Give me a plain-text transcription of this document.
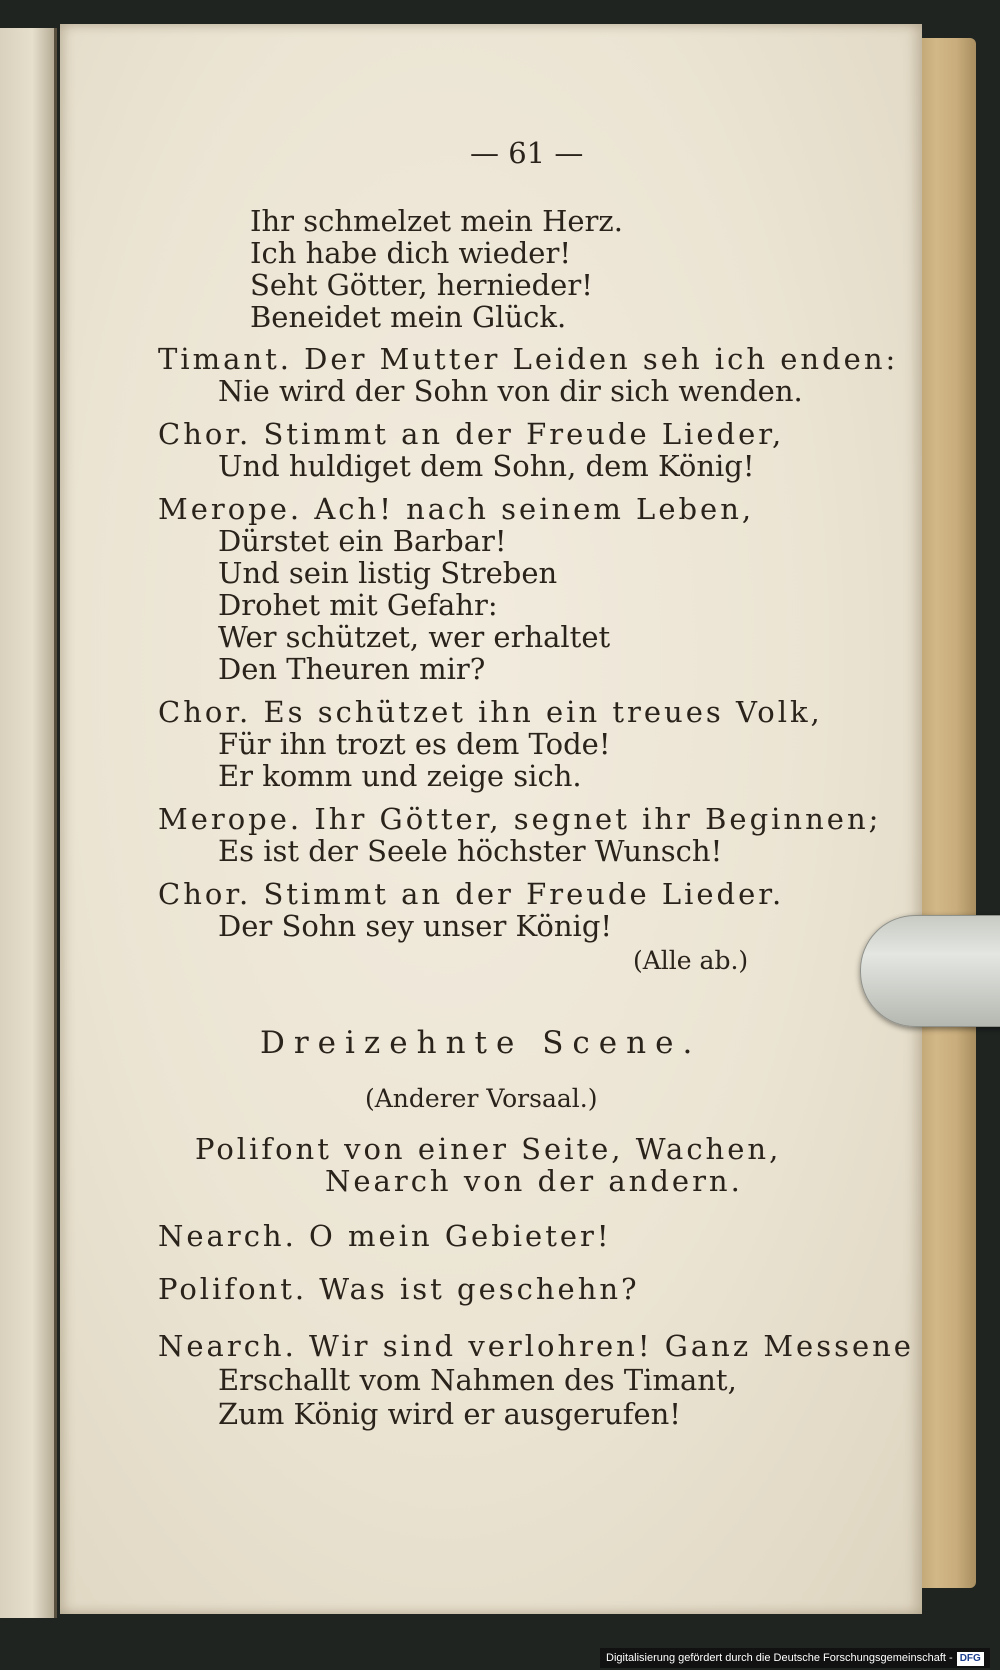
— 61 —
Ihr schmelzet mein Herz.
Ich habe dich wieder!
Seht Götter, hernieder!
Beneidet mein Glück.
Timant. Der Mutter Leiden seh ich enden:
Nie wird der Sohn von dir sich wenden.
Chor. Stimmt an der Freude Lieder,
Und huldiget dem Sohn, dem König!
Merope. Ach! nach seinem Leben,
Dürstet ein Barbar!
Und sein listig Streben
Drohet mit Gefahr:
Wer schützet, wer erhaltet
Den Theuren mir?
Chor. Es schützet ihn ein treues Volk,
Für ihn trozt es dem Tode!
Er komm und zeige sich.
Merope. Ihr Götter, segnet ihr Beginnen;
Es ist der Seele höchster Wunsch!
Chor. Stimmt an der Freude Lieder.
Der Sohn sey unser König!
(Alle ab.)
Dreizehnte Scene.
(Anderer Vorsaal.)
Polifont von einer Seite, Wachen,
Nearch von der andern.
Nearch. O mein Gebieter!
Polifont. Was ist geschehn?
Nearch. Wir sind verlohren! Ganz Messene
Erschallt vom Nahmen des Timant,
Zum König wird er ausgerufen!
Digitalisierung gefördert durch die Deutsche Forschungsgemeinschaft - DFG
